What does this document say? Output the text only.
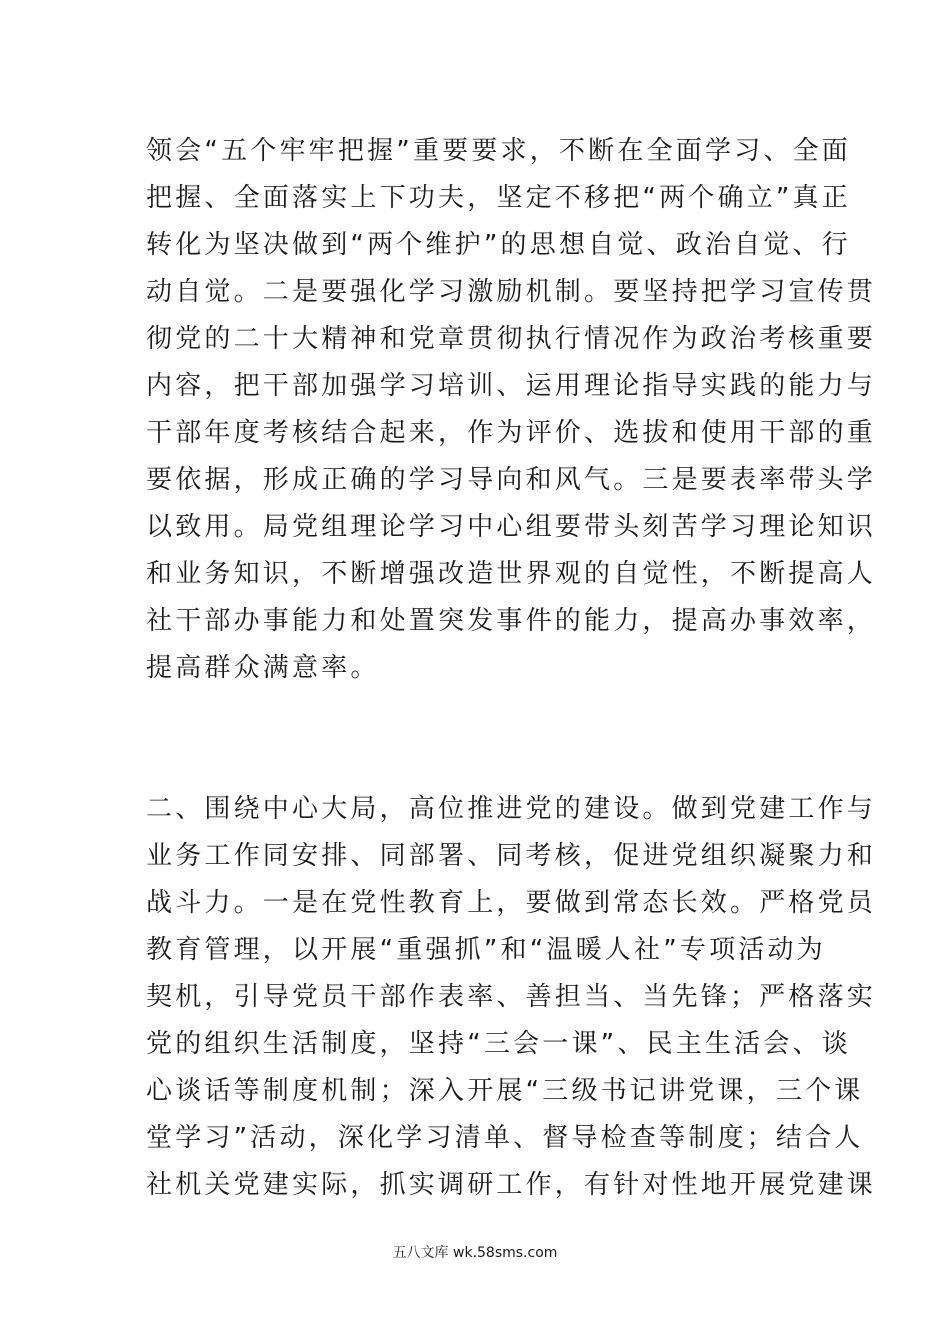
领会“五个牢牢把握”重要要求，不断在全面学习、全面
把握、全面落实上下功夫，坚定不移把“两个确立”真正
转化为坚决做到“两个维护”的思想自觉、政治自觉、行
动自觉。二是要强化学习激励机制。要坚持把学习宣传贯
彻党的二十大精神和党章贯彻执行情况作为政治考核重要
内容，把干部加强学习培训、运用理论指导实践的能力与
干部年度考核结合起来，作为评价、选拔和使用干部的重
要依据，形成正确的学习导向和风气。三是要表率带头学
以致用。局党组理论学习中心组要带头刻苦学习理论知识
和业务知识，不断增强改造世界观的自觉性，不断提高人
社干部办事能力和处置突发事件的能力，提高办事效率，
提高群众满意率。
二、围绕中心大局，高位推进党的建设。做到党建工作与
业务工作同安排、同部署、同考核，促进党组织凝聚力和
战斗力。一是在党性教育上，要做到常态长效。严格党员
教育管理，以开展“重强抓”和“温暖人社”专项活动为
契机，引导党员干部作表率、善担当、当先锋；严格落实
党的组织生活制度，坚持“三会一课”、民主生活会、谈
心谈话等制度机制；深入开展“三级书记讲党课，三个课
堂学习”活动，深化学习清单、督导检查等制度；结合人
社机关党建实际，抓实调研工作，有针对性地开展党建课
五八文库 wk.58sms.com
